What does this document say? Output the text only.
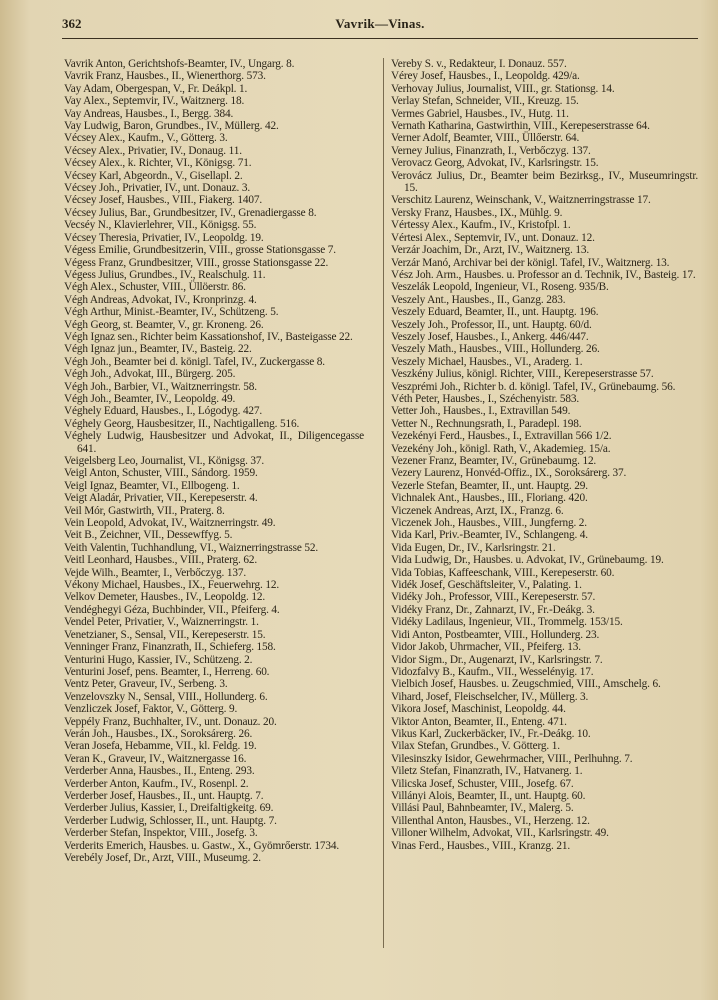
362	Vavrik—Vinas.

Vavrik Anton, Gerichtshofs-Beamter, IV., Ungarg. 8.

Vavrik Franz, Hausbes., II., Wienerthorg. 573.

Vay Adam, Obergespan, V., Fr. Deákpl. 1.

Vay Alex., Septemvir, IV., Waitznerg. 18.

Vay Andreas, Hausbes., I., Bergg. 384.

Vay Ludwig, Baron, Grundbes., IV., Müllerg. 42.

Vécsey Alex., Kaufm., V., Götterg. 3.

Vécsey Alex., Privatier, IV., Donaug. 11.

Vécsey Alex., k. Richter, VI., Königsg. 71.

Vécsey Karl, Abgeordn., V., Gisellapl. 2.

Vécsey Joh., Privatier, IV., unt. Donauz. 3.

Vécsey Josef, Hausbes., VIII., Fiakerg. 1407.

Vécsey Julius, Bar., Grundbesitzer, IV., Grenadiergasse 8.

Vecséy N., Klavierlehrer, VII., Königsg. 55.

Vécsey Theresia, Privatier, IV., Leopoldg. 19.

Végess Emilie, Grundbesitzerin, VIII., grosse Stationsgasse 7.

Végess Franz, Grundbesitzer, VIII., grosse Stationsgasse 22.

Végess Julius, Grundbes., IV., Realschulg. 11.

Végh Alex., Schuster, VIII., Üllöerstr. 86.

Végh Andreas, Advokat, IV., Kronprinzg. 4.

Végh Arthur, Minist.-Beamter, IV., Schützeng. 5.

Végh Georg, st. Beamter, V., gr. Kroneng. 26.

Végh Ignaz sen., Richter beim Kassationshof, IV., Basteigasse 22.

Végh Ignaz jun., Beamter, IV., Basteig. 22.

Végh Joh., Beamter bei d. königl. Tafel, IV., Zuckergasse 8.

Végh Joh., Advokat, III., Bürgerg. 205.

Végh Joh., Barbier, VI., Waitznerringstr. 58.

Végh Joh., Beamter, IV., Leopoldg. 49.

Véghely Eduard, Hausbes., I., Lógodyg. 427.

Véghely Georg, Hausbesitzer, II., Nachtigalleng. 516.

Véghely Ludwig, Hausbesitzer und Advokat, II., Diligencegasse 641.

Veigelsberg Leo, Journalist, VI., Königsg. 37.

Veigl Anton, Schuster, VIII., Sándorg. 1959.

Veigl Ignaz, Beamter, VI., Ellbogeng. 1.

Veigt Aladár, Privatier, VII., Kerepeserstr. 4.

Veil Mór, Gastwirth, VII., Praterg. 8.

Vein Leopold, Advokat, IV., Waitznerringstr. 49.

Veit B., Zeichner, VII., Dessewffyg. 5.

Veith Valentin, Tuchhandlung, VI., Waiznerringstrasse 52.

Veitl Leonhard, Hausbes., VIII., Praterg. 62.

Vejde Wilh., Beamter, I., Verbőczyg. 137.

Vékony Michael, Hausbes., IX., Feuerwehrg. 12.

Velkov Demeter, Hausbes., IV., Leopoldg. 12.

Vendéghegyi Géza, Buchbinder, VII., Pfeiferg. 4.

Vendel Peter, Privatier, V., Waiznerringstr. 1.

Venetzianer, S., Sensal, VII., Kerepeserstr. 15.

Venninger Franz, Finanzrath, II., Schieferg. 158.

Venturini Hugo, Kassier, IV., Schützeng. 2.

Venturini Josef, pens. Beamter, I., Herreng. 60.

Ventz Peter, Graveur, IV., Serbeng. 3.

Venzelovszky N., Sensal, VIII., Hollunderg. 6.

Venzliczek Josef, Faktor, V., Götterg. 9.

Veppély Franz, Buchhalter, IV., unt. Donauz. 20.

Verán Joh., Hausbes., IX., Soroksárerg. 26.

Veran Josefa, Hebamme, VII., kl. Feldg. 19.

Veran K., Graveur, IV., Waitznergasse 16.

Verderber Anna, Hausbes., II., Enteng. 293.

Verderber Anton, Kaufm., IV., Rosenpl. 2.

Verderber Josef, Hausbes., II., unt. Hauptg. 7.

Verderber Julius, Kassier, I., Dreifaltigkeitg. 69.

Verderber Ludwig, Schlosser, II., unt. Hauptg. 7.

Verderber Stefan, Inspektor, VIII., Josefg. 3.

Verderits Emerich, Hausbes. u. Gastw., X., Gyömrőerstr. 1734.

Verebély Josef, Dr., Arzt, VIII., Museumg. 2.

Vereby S. v., Redakteur, I. Donauz. 557.

Vérey Josef, Hausbes., I., Leopoldg. 429/a.

Verhovay Julius, Journalist, VIII., gr. Stationsg. 14.

Verlay Stefan, Schneider, VII., Kreuzg. 15.

Vermes Gabriel, Hausbes., IV., Hutg. 11.

Vernath Katharina, Gastwirthin, VIII., Kerepeserstrasse 64.

Verner Adolf, Beamter, VIII., Üllőerstr. 64.

Verney Julius, Finanzrath, I., Verbőczyg. 137.

Verovacz Georg, Advokat, IV., Karlsringstr. 15.

Verovácz Julius, Dr., Beamter beim Bezirksg., IV., Museumringstr. 15.

Verschitz Laurenz, Weinschank, V., Waitznerringstrasse 17.

Versky Franz, Hausbes., IX., Mühlg. 9.

Vértessy Alex., Kaufm., IV., Kristofpl. 1.

Vértesi Alex., Septemvir, IV., unt. Donauz. 12.

Verzár Joachim, Dr., Arzt, IV., Waitznerg. 13.

Verzár Manó, Archivar bei der königl. Tafel, IV., Waitznerg. 13.

Vész Joh. Arm., Hausbes. u. Professor an d. Technik, IV., Basteig. 17.

Veszelák Leopold, Ingenieur, VI., Roseng. 935/B.

Veszely Ant., Hausbes., II., Ganzg. 283.

Veszely Eduard, Beamter, II., unt. Hauptg. 196.

Veszely Joh., Professor, II., unt. Hauptg. 60/d.

Veszely Josef, Hausbes., I., Ankerg. 446/447.

Veszely Math., Hausbes., VIII., Hollunderg. 26.

Veszely Michael, Hausbes., VI., Araderg. 1.

Veszkény Julius, königl. Richter, VIII., Kerepeserstrasse 57.

Veszprémi Joh., Richter b. d. königl. Tafel, IV., Grünebaumg. 56.

Véth Peter, Hausbes., I., Széchenyistr. 583.

Vetter Joh., Hausbes., I., Extravillan 549.

Vetter N., Rechnungsrath, I., Paradepl. 198.

Vezekényi Ferd., Hausbes., I., Extravillan 566 1/2.

Vezekény Joh., königl. Rath, V., Akademieg. 15/a.

Vezener Franz, Beamter, IV., Grünebaumg. 12.

Vezery Laurenz, Honvéd-Offiz., IX., Soroksárerg. 37.

Vezerle Stefan, Beamter, II., unt. Hauptg. 29.

Vichnalek Ant., Hausbes., III., Floriang. 420.

Viczenek Andreas, Arzt, IX., Franzg. 6.

Viczenek Joh., Hausbes., VIII., Jungferng. 2.

Vida Karl, Priv.-Beamter, IV., Schlangeng. 4.

Vida Eugen, Dr., IV., Karlsringstr. 21.

Vida Ludwig, Dr., Hausbes. u. Advokat, IV., Grünebaumg. 19.

Vida Tobias, Kaffeeschank, VIII., Kerepeserstr. 60.

Vidék Josef, Geschäftsleiter, V., Palating. 1.

Vidéky Joh., Professor, VIII., Kerepeserstr. 57.

Vidéky Franz, Dr., Zahnarzt, IV., Fr.-Deákg. 3.

Vidéky Ladilaus, Ingenieur, VII., Trommelg. 153/15.

Vidi Anton, Postbeamter, VIII., Hollunderg. 23.

Vidor Jakob, Uhrmacher, VII., Pfeiferg. 13.

Vidor Sigm., Dr., Augenarzt, IV., Karlsringstr. 7.

Vidozfalvy B., Kaufm., VII., Wesselényig. 17.

Vielbich Josef, Hausbes. u. Zeugschmied, VIII., Amschelg. 6.

Vihard, Josef, Fleischselcher, IV., Müllerg. 3.

Vikora Josef, Maschinist, Leopoldg. 44.

Viktor Anton, Beamter, II., Enteng. 471.

Vikus Karl, Zuckerbäcker, IV., Fr.-Deákg. 10.

Vilax Stefan, Grundbes., V. Götterg. 1.

Vilesinszky Isidor, Gewehrmacher, VIII., Perlhuhng. 7.

Viletz Stefan, Finanzrath, IV., Hatvanerg. 1.

Vilicska Josef, Schuster, VIII., Josefg. 67.

Villányi Alois, Beamter, II., unt. Hauptg. 60.

Villási Paul, Bahnbeamter, IV., Malerg. 5.

Villenthal Anton, Hausbes., VI., Herzeng. 12.

Villoner Wilhelm, Advokat, VII., Karlsringstr. 49.

Vinas Ferd., Hausbes., VIII., Kranzg. 21.
